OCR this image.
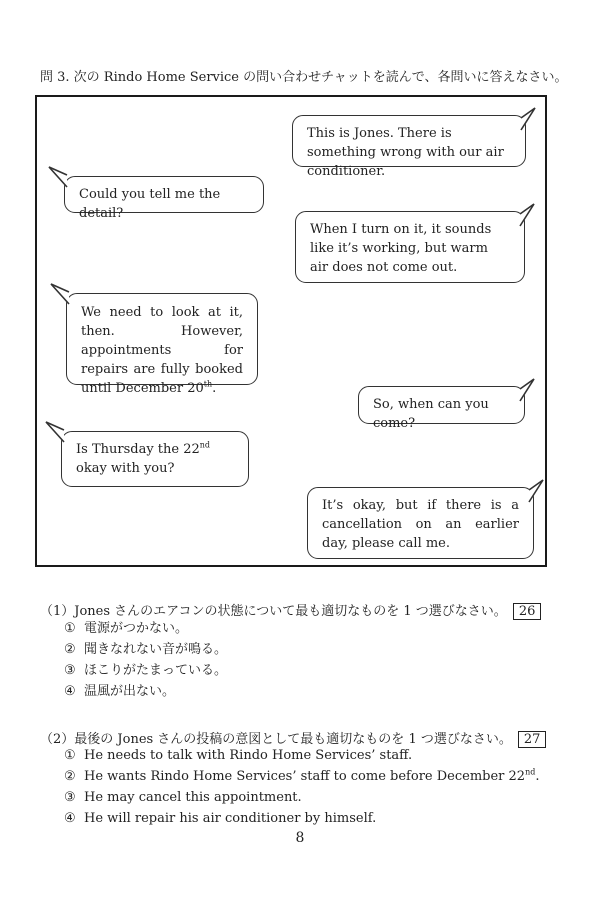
問 3. 次の Rindo Home Service の問い合わせチャットを読んで、各問いに答えなさい。
This is Jones. There is something wrong with our air conditioner.
Could you tell me the detail?
When I turn on it, it sounds like it’s working, but warm air does not come out.
We need to look at it, then. However, appointments for repairs are fully booked until December 20th.
So, when can you come?
Is Thursday the 22nd okay with you?
It’s okay, but if there is a cancellation on an earlier day, please call me.
（1）Jones さんのエアコンの状態について最も適切なものを 1 つ選びなさい。 26
① 電源がつかない。
② 聞きなれない音が鳴る。
③ ほこりがたまっている。
④ 温風が出ない。
（2）最後の Jones さんの投稿の意図として最も適切なものを 1 つ選びなさい。 27
① He needs to talk with Rindo Home Services’ staff.
② He wants Rindo Home Services’ staff to come before December 22nd.
③ He may cancel this appointment.
④ He will repair his air conditioner by himself.
8
